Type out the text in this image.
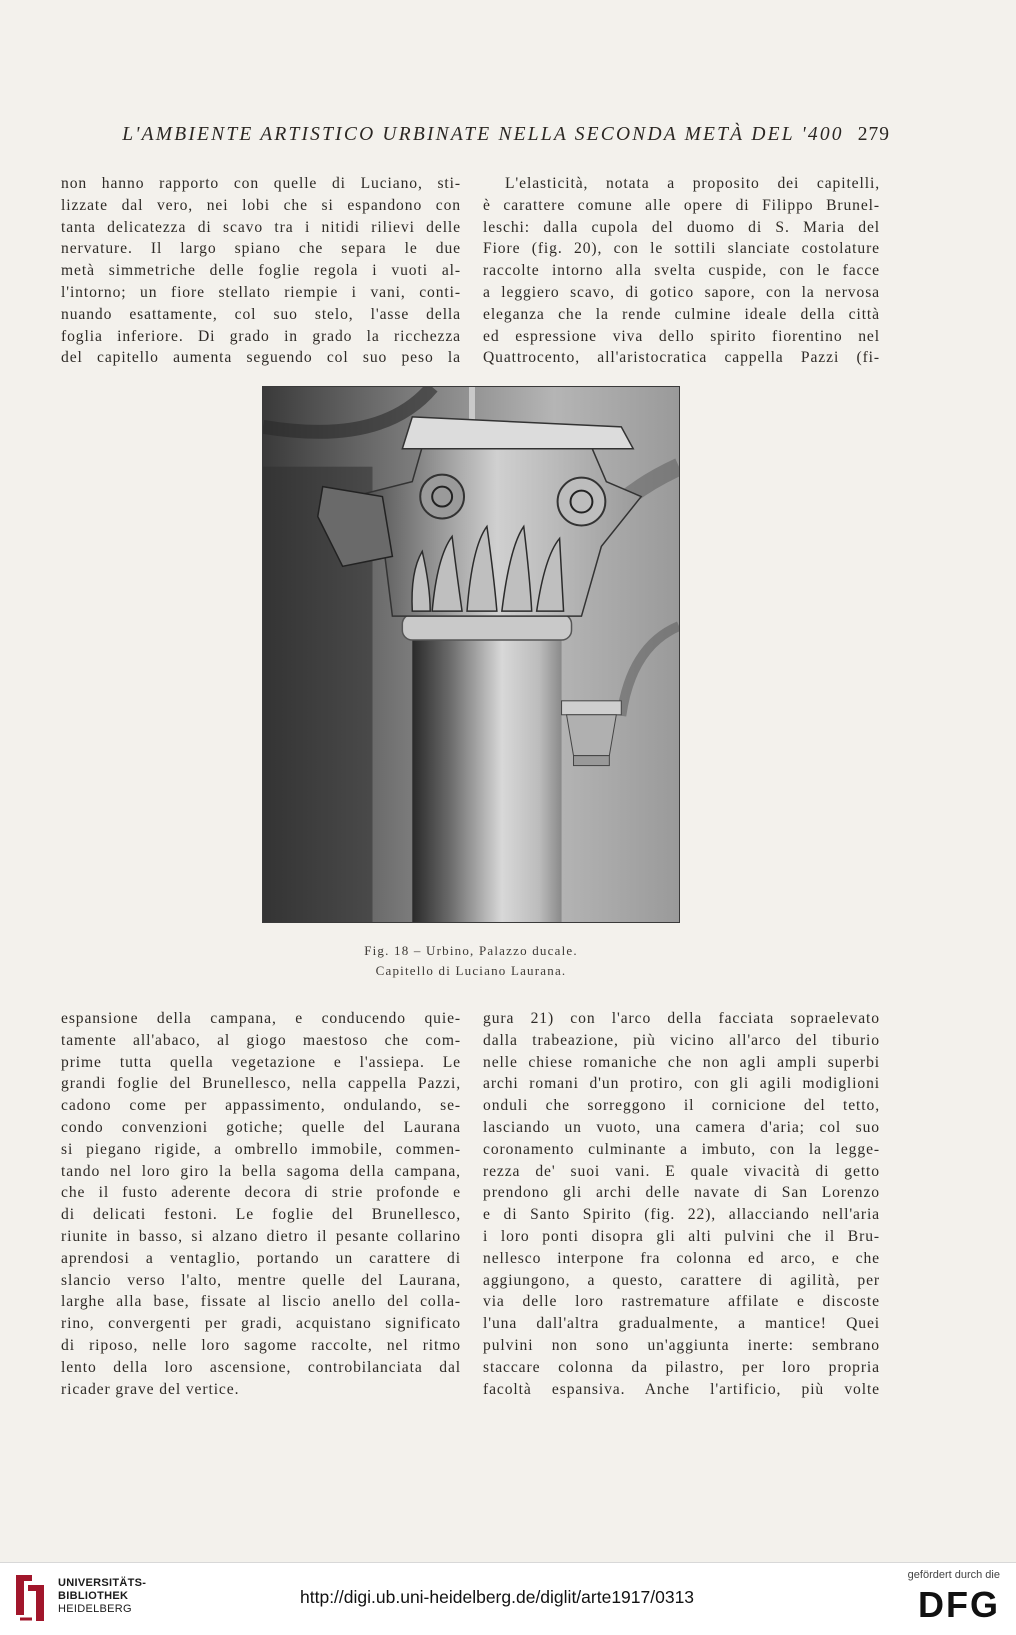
L'AMBIENTE ARTISTICO URBINATE NELLA SECONDA METÀ DEL '400 279

non hanno rapporto con quelle di Luciano, sti-

lizzate dal vero, nei lobi che si espandono con

tanta delicatezza di scavo tra i nitidi rilievi delle

nervature. Il largo spiano che separa le due

metà simmetriche delle foglie regola i vuoti al-

l'intorno; un fiore stellato riempie i vani, conti-

nuando esattamente, col suo stelo, l'asse della

foglia inferiore. Di grado in grado la ricchezza

del capitello aumenta seguendo col suo peso la

L'elasticità, notata a proposito dei capitelli,

è carattere comune alle opere di Filippo Brunel-

leschi: dalla cupola del duomo di S. Maria del

Fiore (fig. 20), con le sottili slanciate costolature

raccolte intorno alla svelta cuspide, con le facce

a leggiero scavo, di gotico sapore, con la nervosa

eleganza che la rende culmine ideale della città

ed espressione viva dello spirito fiorentino nel

Quattrocento, all'aristocratica cappella Pazzi (fi-

Fig. 18 – Urbino, Palazzo ducale.
Capitello di Luciano Laurana.

espansione della campana, e conducendo quie-

tamente all'abaco, al giogo maestoso che com-

prime tutta quella vegetazione e l'assiepa. Le

grandi foglie del Brunellesco, nella cappella Pazzi,

cadono come per appassimento, ondulando, se-

condo convenzioni gotiche; quelle del Laurana

si piegano rigide, a ombrello immobile, commen-

tando nel loro giro la bella sagoma della campana,

che il fusto aderente decora di strie profonde e

di delicati festoni. Le foglie del Brunellesco,

riunite in basso, si alzano dietro il pesante collarino

aprendosi a ventaglio, portando un carattere di

slancio verso l'alto, mentre quelle del Laurana,

larghe alla base, fissate al liscio anello del colla-

rino, convergenti per gradi, acquistano significato

di riposo, nelle loro sagome raccolte, nel ritmo

lento della loro ascensione, controbilanciata dal

ricader grave del vertice.

gura 21) con l'arco della facciata sopraelevato

dalla trabeazione, più vicino all'arco del tiburio

nelle chiese romaniche che non agli ampli superbi

archi romani d'un protiro, con gli agili modiglioni

onduli che sorreggono il cornicione del tetto,

lasciando un vuoto, una camera d'aria; col suo

coronamento culminante a imbuto, con la legge-

rezza de' suoi vani. E quale vivacità di getto

prendono gli archi delle navate di San Lorenzo

e di Santo Spirito (fig. 22), allacciando nell'aria

i loro ponti disopra gli alti pulvini che il Bru-

nellesco interpone fra colonna ed arco, e che

aggiungono, a questo, carattere di agilità, per

via delle loro rastremature affilate e discoste

l'una dall'altra gradualmente, a mantice! Quei

pulvini non sono un'aggiunta inerte: sembrano

staccare colonna da pilastro, per loro propria

facoltà espansiva. Anche l'artificio, più volte

UNIVERSITÄTS-
BIBLIOTHEK
HEIDELBERG
http://digi.ub.uni-heidelberg.de/diglit/arte1917/0313
gefördert durch die
DFG
